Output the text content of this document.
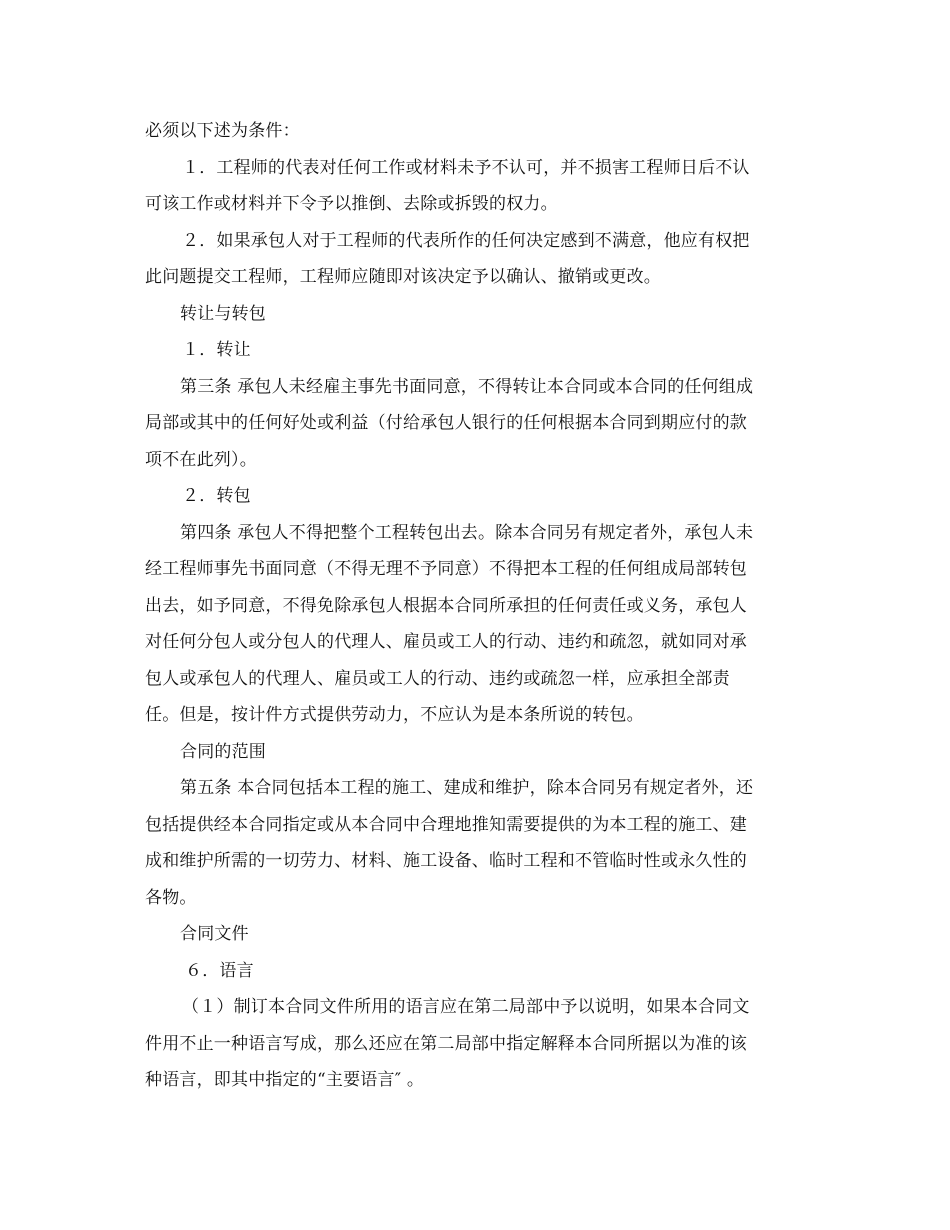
必须以下述为条件：
１．工程师的代表对任何工作或材料未予不认可，并不损害工程师日后不认
可该工作或材料并下令予以推倒、去除或拆毁的权力。
２．如果承包人对于工程师的代表所作的任何决定感到不满意，他应有权把
此问题提交工程师，工程师应随即对该决定予以确认、撤销或更改。
转让与转包
１．转让
第三条 承包人未经雇主事先书面同意，不得转让本合同或本合同的任何组成
局部或其中的任何好处或利益（付给承包人银行的任何根据本合同到期应付的款
项不在此列）。
２．转包
第四条 承包人不得把整个工程转包出去。除本合同另有规定者外，承包人未
经工程师事先书面同意（不得无理不予同意）不得把本工程的任何组成局部转包
出去，如予同意，不得免除承包人根据本合同所承担的任何责任或义务，承包人
对任何分包人或分包人的代理人、雇员或工人的行动、违约和疏忽，就如同对承
包人或承包人的代理人、雇员或工人的行动、违约或疏忽一样，应承担全部责
任。但是，按计件方式提供劳动力，不应认为是本条所说的转包。
合同的范围
第五条 本合同包括本工程的施工、建成和维护，除本合同另有规定者外，还
包括提供经本合同指定或从本合同中合理地推知需要提供的为本工程的施工、建
成和维护所需的一切劳力、材料、施工设备、临时工程和不管临时性或永久性的
各物。
合同文件
６．语言
（１）制订本合同文件所用的语言应在第二局部中予以说明，如果本合同文
件用不止一种语言写成，那么还应在第二局部中指定解释本合同所据以为准的该
种语言，即其中指定的“主要语言″ 。
